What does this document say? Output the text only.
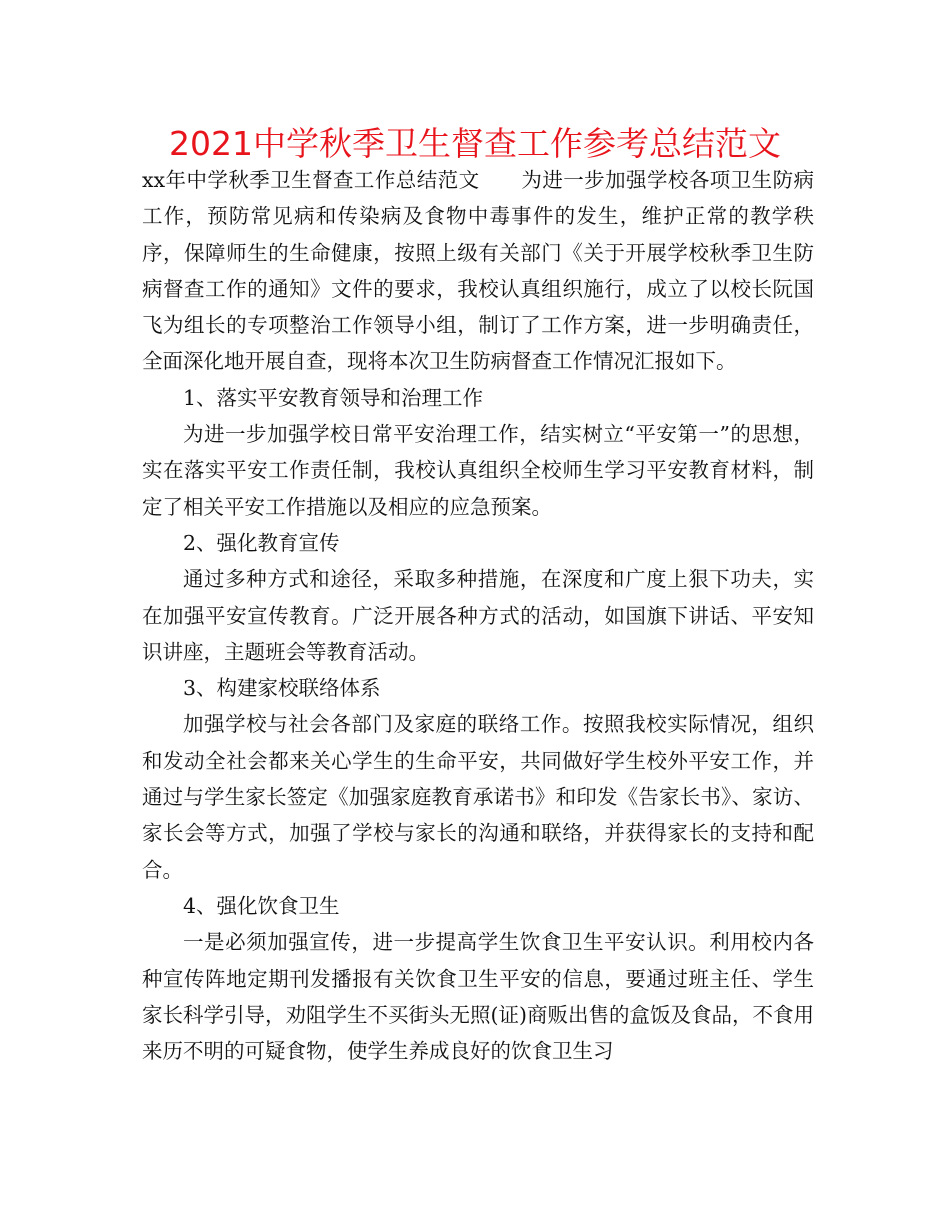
2021中学秋季卫生督查工作参考总结范文

xx年中学秋季卫生督查工作总结范文　　为进一步加强学校各项卫生防病工作，预防常见病和传染病及食物中毒事件的发生，维护正常的教学秩序，保障师生的生命健康，按照上级有关部门《关于开展学校秋季卫生防病督查工作的通知》文件的要求，我校认真组织施行，成立了以校长阮国飞为组长的专项整治工作领导小组，制订了工作方案，进一步明确责任，全面深化地开展自查，现将本次卫生防病督查工作情况汇报如下。

1、落实平安教育领导和治理工作

为进一步加强学校日常平安治理工作，结实树立“平安第一”的思想，实在落实平安工作责任制，我校认真组织全校师生学习平安教育材料，制定了相关平安工作措施以及相应的应急预案。

2、强化教育宣传

通过多种方式和途径，采取多种措施，在深度和广度上狠下功夫，实在加强平安宣传教育。广泛开展各种方式的活动，如国旗下讲话、平安知识讲座，主题班会等教育活动。

3、构建家校联络体系

加强学校与社会各部门及家庭的联络工作。按照我校实际情况，组织和发动全社会都来关心学生的生命平安，共同做好学生校外平安工作，并通过与学生家长签定《加强家庭教育承诺书》和印发《告家长书》、家访、家长会等方式，加强了学校与家长的沟通和联络，并获得家长的支持和配合。

4、强化饮食卫生

一是必须加强宣传，进一步提高学生饮食卫生平安认识。利用校内各种宣传阵地定期刊发播报有关饮食卫生平安的信息，要通过班主任、学生家长科学引导，劝阻学生不买街头无照(证)商贩出售的盒饭及食品，不食用来历不明的可疑食物，使学生养成良好的饮食卫生习
